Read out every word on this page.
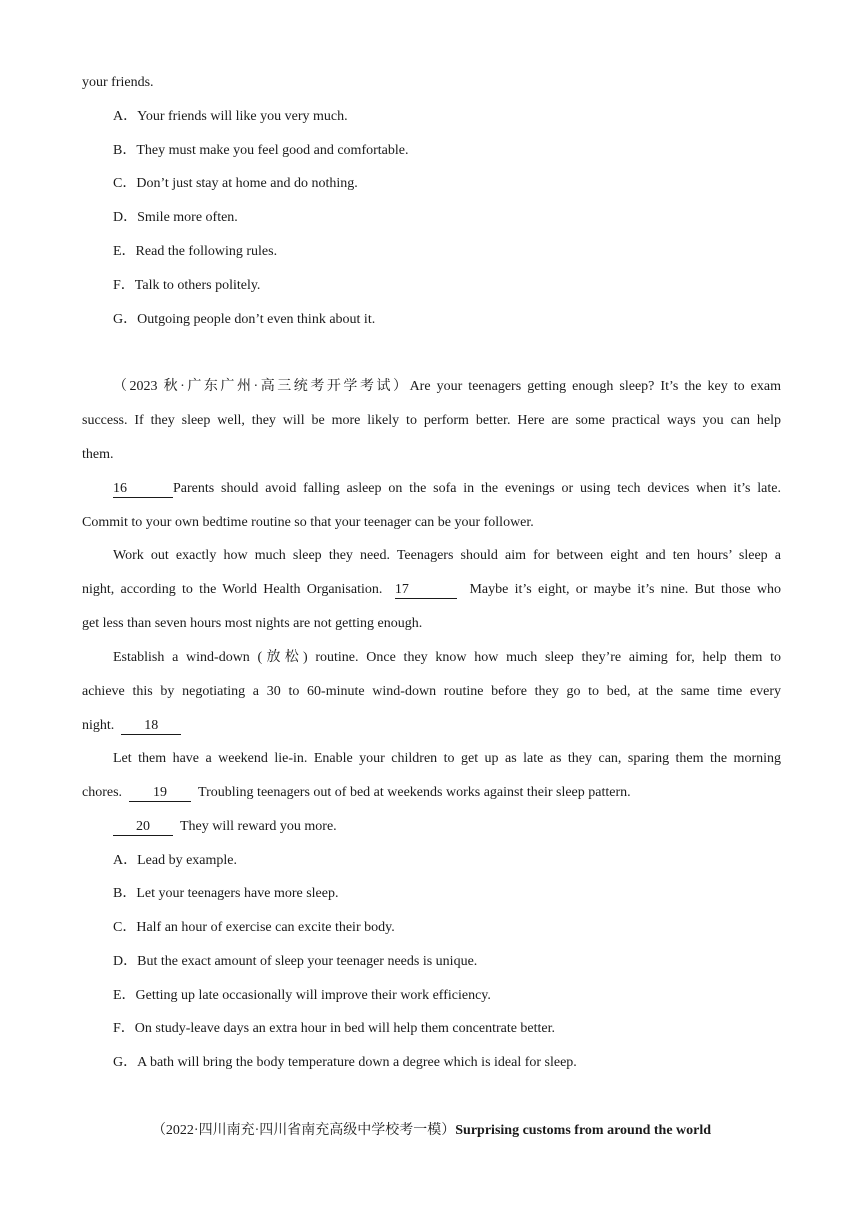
your friends.
A．Your friends will like you very much.
B．They must make you feel good and comfortable.
C．Don’t just stay at home and do nothing.
D．Smile more often.
E．Read the following rules.
F．Talk to others politely.
G．Outgoing people don’t even think about it.
（2023 秋·广东广州·高三统考开学考试）Are your teenagers getting enough sleep? It’s the key to exam
success. If they sleep well, they will be more likely to perform better. Here are some practical ways you can help
them.
16	Parents should avoid falling asleep on the sofa in the evenings or using tech devices when it’s late.
Commit to your own bedtime routine so that your teenager can be your follower.
Work out exactly how much sleep they need. Teenagers should aim for between eight and ten hours’ sleep a
night, according to the World Health Organisation. 17	Maybe it’s eight, or maybe it’s nine. But those who
get less than seven hours most nights are not getting enough.
Establish a wind-down (放松) routine. Once they know how much sleep they’re aiming for, help them to
achieve this by negotiating a 30 to 60-minute wind-down routine before they go to bed, at the same time every
night. 18
Let them have a weekend lie-in. Enable your children to get up as late as they can, sparing them the morning
chores. 19 Troubling teenagers out of bed at weekends works against their sleep pattern.
20 They will reward you more.
A．Lead by example.
B．Let your teenagers have more sleep.
C．Half an hour of exercise can excite their body.
D．But the exact amount of sleep your teenager needs is unique.
E．Getting up late occasionally will improve their work efficiency.
F．On study-leave days an extra hour in bed will help them concentrate better.
G．A bath will bring the body temperature down a degree which is ideal for sleep.
（2022·四川南充·四川省南充高级中学校考一模）Surprising customs from around the world
